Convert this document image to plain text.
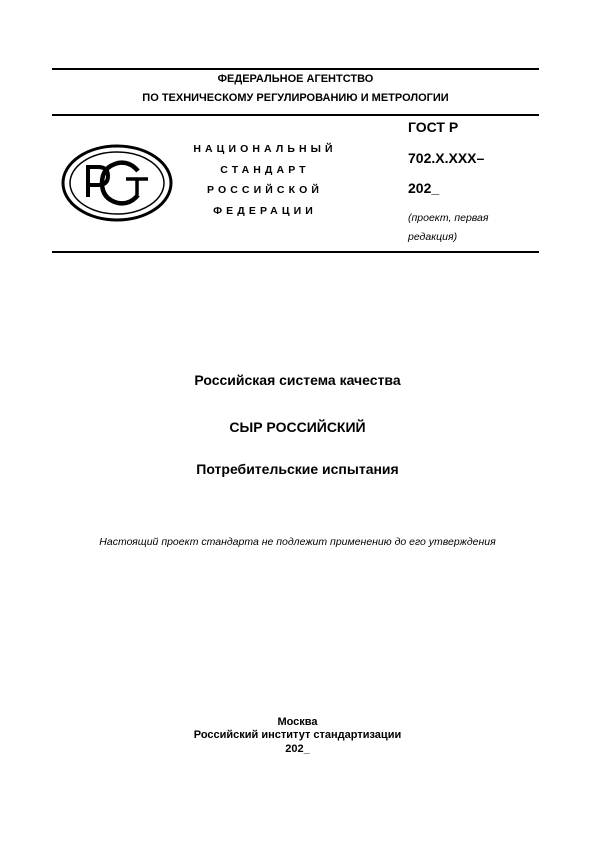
ФЕДЕРАЛЬНОЕ АГЕНТСТВО
ПО ТЕХНИЧЕСКОМУ РЕГУЛИРОВАНИЮ И МЕТРОЛОГИИ
НАЦИОНАЛЬНЫЙ
СТАНДАРТ
РОССИЙСКОЙ
ФЕДЕРАЦИИ
ГОСТ Р
702.Х.ХХХ–
202_
(проект, первая
редакция)
Российская система качества
СЫР РОССИЙСКИЙ
Потребительские испытания
Настоящий проект стандарта не подлежит применению до его утверждения
Москва
Российский институт стандартизации
202_
